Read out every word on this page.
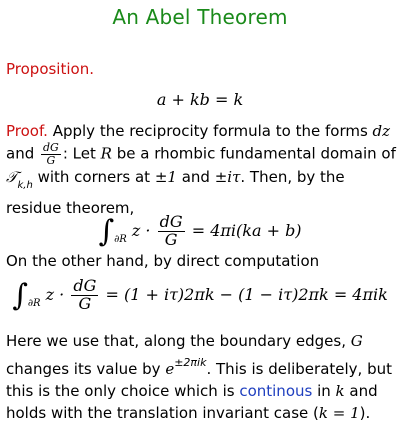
An Abel Theorem
Proposition.
a + kb = k
Proof. Apply the reciprocity formula to the forms dz and $\frac{dG}{G}$ : Let R be a rhombic fundamental domain of 𝒯$_{k,h}$ with corners at ±1 and ±iτ. Then, by the residue theorem,
$\int_{\partial R}$ $z \cdot \frac{dG}{G} = 4\pi i(ka + b)$
On the other hand, by direct computation
$\int_{\partial R}$ $z \cdot \frac{dG}{G} = (1 + i\tau)2\pi k - (1 - i\tau)2\pi k = 4\pi ik$
Here we use that, along the boundary edges, G changes its value by $e^{\pm 2\pi ik}$. This is deliberately, but this is the only choice which is continous in k and holds with the translation invariant case (k = 1).
